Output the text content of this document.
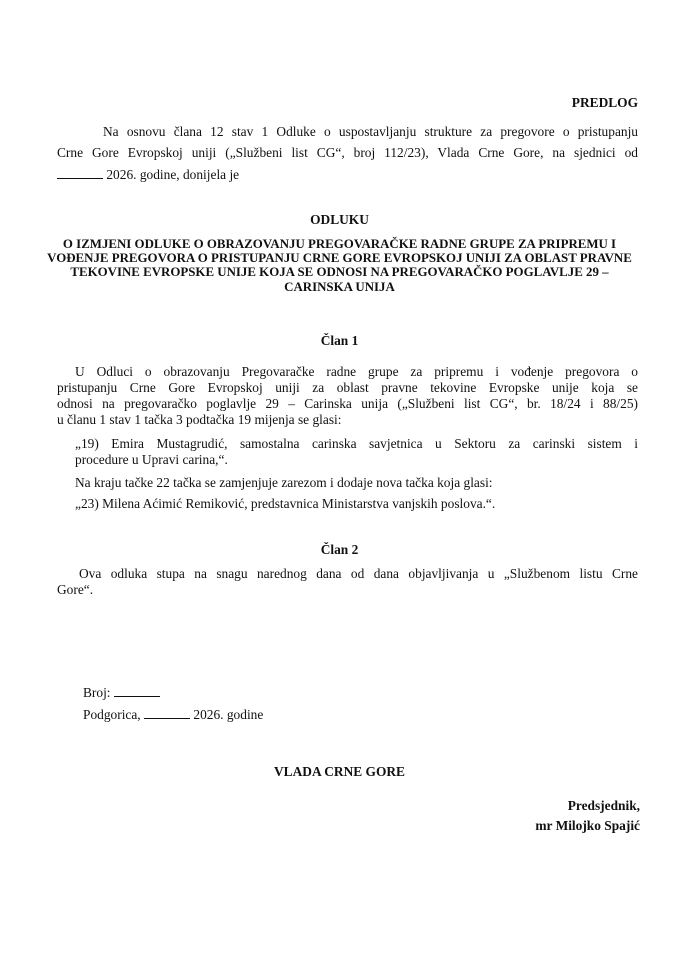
PREDLOG
Na osnovu člana 12 stav 1 Odluke o uspostavljanju strukture za pregovore o pristupanju
Crne Gore Evropskoj uniji („Službeni list CG“, broj 112/23), Vlada Crne Gore, na sjednici od
2026. godine, donijela je
ODLUKU
O IZMJENI ODLUKE O OBRAZOVANJU PREGOVARAČKE RADNE GRUPE ZA PRIPREMU I
VOĐENJE PREGOVORA O PRISTUPANJU CRNE GORE EVROPSKOJ UNIJI ZA OBLAST PRAVNE
TEKOVINE EVROPSKE UNIJE KOJA SE ODNOSI NA PREGOVARAČKO POGLAVLJE 29 –
CARINSKA UNIJA
Član 1
U Odluci o obrazovanju Pregovaračke radne grupe za pripremu i vođenje pregovora o
pristupanju Crne Gore Evropskoj uniji za oblast pravne tekovine Evropske unije koja se
odnosi na pregovaračko poglavlje 29 – Carinska unija („Službeni list CG“, br. 18/24 i 88/25)
u članu 1 stav 1 tačka 3 podtačka 19 mijenja se glasi:
„19) Emira Mustagrudić, samostalna carinska savjetnica u Sektoru za carinski sistem i
procedure u Upravi carina,“.
Na kraju tačke 22 tačka se zamjenjuje zarezom i dodaje nova tačka koja glasi:
„23) Milena Aćimić Remiković, predstavnica Ministarstva vanjskih poslova.“.
Član 2
Ova odluka stupa na snagu narednog dana od dana objavljivanja u „Službenom listu Crne
Gore“.
Broj:
Podgorica,	2026. godine
VLADA CRNE GORE
Predsjednik,
mr Milojko Spajić
